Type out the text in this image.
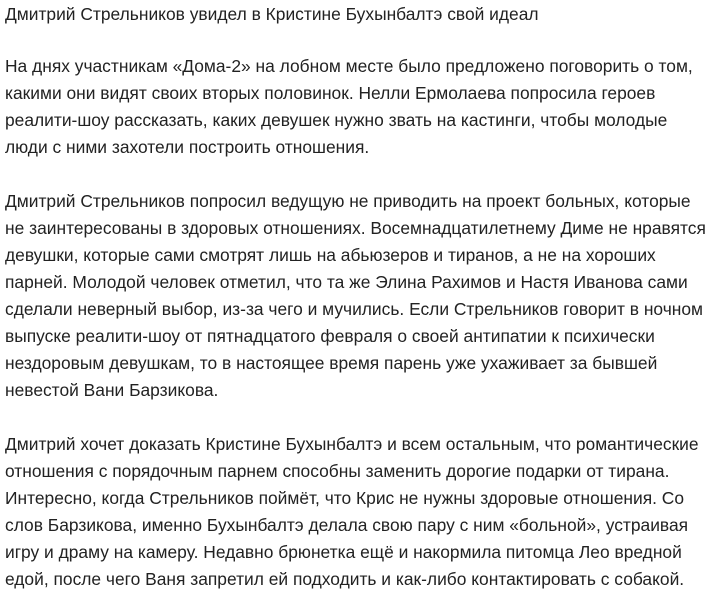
Дмитрий Стрельников увидел в Кристине Бухынбалтэ свой идеал

На днях участникам «Дома-2» на лобном месте было предложено поговорить о том, какими они видят своих вторых половинок. Нелли Ермолаева попросила героев реалити-шоу рассказать, каких девушек нужно звать на кастинги, чтобы молодые люди с ними захотели построить отношения.

Дмитрий Стрельников попросил ведущую не приводить на проект больных, которые не заинтересованы в здоровых отношениях. Восемнадцатилетнему Диме не нравятся девушки, которые сами смотрят лишь на абьюзеров и тиранов, а не на хороших парней. Молодой человек отметил, что та же Элина Рахимов и Настя Иванова сами сделали неверный выбор, из-за чего и мучились. Если Стрельников говорит в ночном выпуске реалити-шоу от пятнадцатого февраля о своей антипатии к психически нездоровым девушкам, то в настоящее время парень уже ухаживает за бывшей невестой Вани Барзикова.

Дмитрий хочет доказать Кристине Бухынбалтэ и всем остальным, что романтические отношения с порядочным парнем способны заменить дорогие подарки от тирана. Интересно, когда Стрельников поймёт, что Крис не нужны здоровые отношения. Со слов Барзикова, именно Бухынбалтэ делала свою пару с ним «больной», устраивая игру и драму на камеру. Недавно брюнетка ещё и накормила питомца Лео вредной едой, после чего Ваня запретил ей подходить и как-либо контактировать с собакой.
